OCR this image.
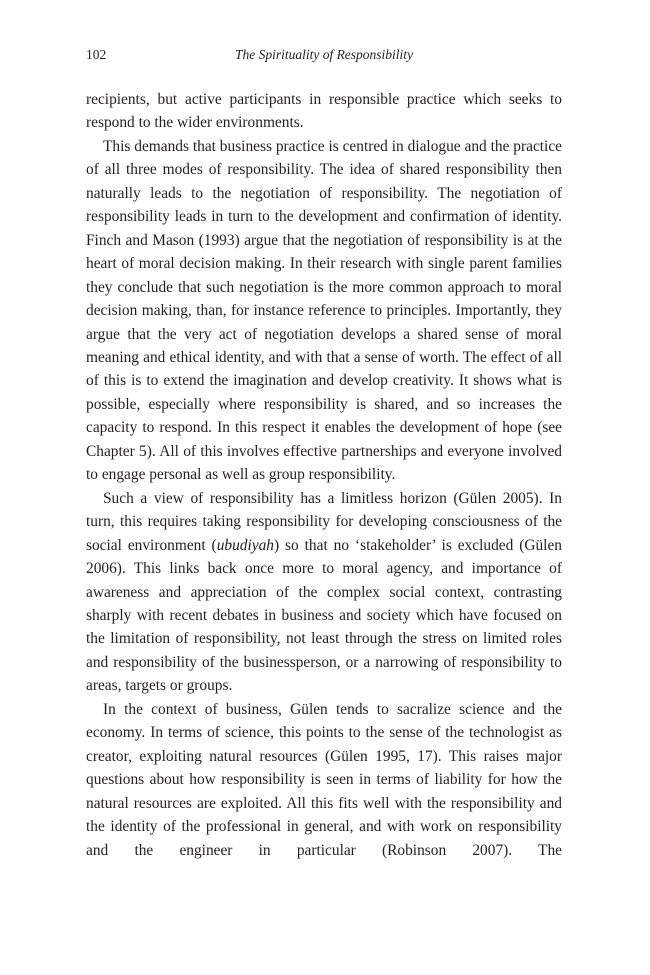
102	The Spirituality of Responsibility

recipients, but active participants in responsible practice which seeks to respond to the wider environments.

This demands that business practice is centred in dialogue and the practice of all three modes of responsibility. The idea of shared responsibility then naturally leads to the negotiation of responsibility. The negotiation of responsibility leads in turn to the development and confirmation of identity. Finch and Mason (1993) argue that the negotiation of responsibility is at the heart of moral decision making. In their research with single parent families they conclude that such negotiation is the more common approach to moral decision making, than, for instance reference to principles. Importantly, they argue that the very act of negotiation develops a shared sense of moral meaning and ethical identity, and with that a sense of worth. The effect of all of this is to extend the imagination and develop creativity. It shows what is possible, especially where responsibility is shared, and so increases the capacity to respond. In this respect it enables the development of hope (see Chapter 5). All of this involves effective partnerships and everyone involved to engage personal as well as group responsibility.

Such a view of responsibility has a limitless horizon (Gülen 2005). In turn, this requires taking responsibility for developing consciousness of the social environment (ubudiyah) so that no ‘stakeholder’ is excluded (Gülen 2006). This links back once more to moral agency, and importance of awareness and appreciation of the complex social context, contrasting sharply with recent debates in business and society which have focused on the limitation of responsibility, not least through the stress on limited roles and responsibility of the businessperson, or a narrowing of responsibility to areas, targets or groups.

In the context of business, Gülen tends to sacralize science and the economy. In terms of science, this points to the sense of the technologist as creator, exploiting natural resources (Gülen 1995, 17). This raises major questions about how responsibility is seen in terms of liability for how the natural resources are exploited. All this fits well with the responsibility and the identity of the professional in general, and with work on responsibility and the engineer in particular (Robinson 2007). The
